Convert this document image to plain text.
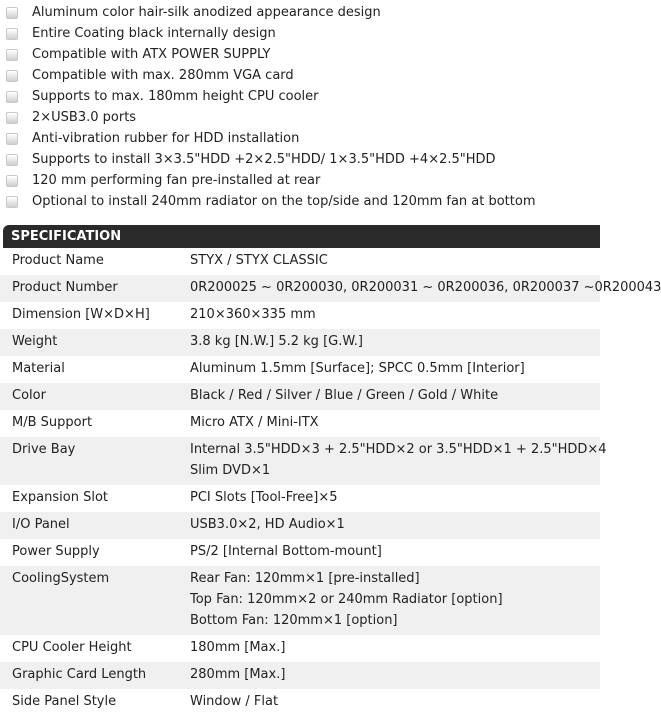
Aluminum color hair-silk anodized appearance design
Entire Coating black internally design
Compatible with ATX POWER SUPPLY
Compatible with max. 280mm VGA card
Supports to max. 180mm height CPU cooler
2×USB3.0 ports
Anti-vibration rubber for HDD installation
Supports to install 3×3.5"HDD +2×2.5"HDD/ 1×3.5"HDD +4×2.5"HDD
120 mm performing fan pre-installed at rear
Optional to install 240mm radiator on the top/side and 120mm fan at bottom
SPECIFICATION
Product Name	STYX / STYX CLASSIC

Product Number	0R200025 ~ 0R200030, 0R200031 ~ 0R200036, 0R200037 ~0R200043

Dimension [W×D×H]	210×360×335 mm

Weight	3.8 kg [N.W.] 5.2 kg [G.W.]

Material	Aluminum 1.5mm [Surface]; SPCC 0.5mm [Interior]

Color	Black / Red / Silver / Blue / Green / Gold / White

M/B Support	Micro ATX / Mini-ITX

Drive Bay	Internal 3.5"HDD×3 + 2.5"HDD×2 or 3.5"HDD×1 + 2.5"HDD×4
Slim DVD×1

Expansion Slot	PCI Slots [Tool-Free]×5

I/O Panel	USB3.0×2, HD Audio×1

Power Supply	PS/2 [Internal Bottom-mount]

CoolingSystem	Rear Fan: 120mm×1 [pre-installed]
Top Fan: 120mm×2 or 240mm Radiator [option]
Bottom Fan: 120mm×1 [option]

CPU Cooler Height	180mm [Max.]

Graphic Card Length	280mm [Max.]

Side Panel Style	Window / Flat
